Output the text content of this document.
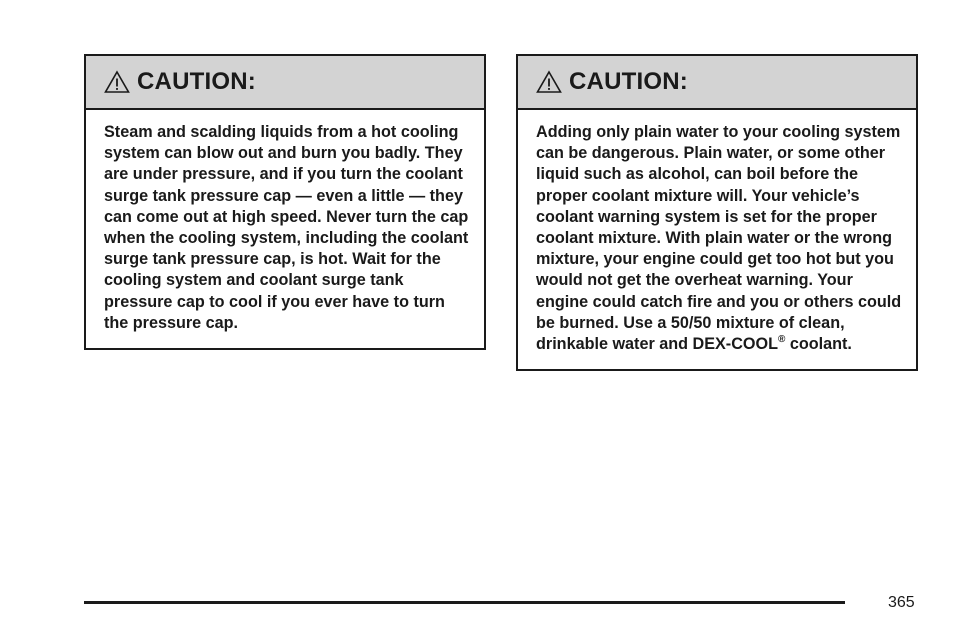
CAUTION:
Steam and scalding liquids from a hot cooling system can blow out and burn you badly. They are under pressure, and if you turn the coolant surge tank pressure cap — even a little — they can come out at high speed. Never turn the cap when the cooling system, including the coolant surge tank pressure cap, is hot. Wait for the cooling system and coolant surge tank pressure cap to cool if you ever have to turn the pressure cap.
CAUTION:
Adding only plain water to your cooling system can be dangerous. Plain water, or some other liquid such as alcohol, can boil before the proper coolant mixture will. Your vehicle’s coolant warning system is set for the proper coolant mixture. With plain water or the wrong mixture, your engine could get too hot but you would not get the overheat warning. Your engine could catch fire and you or others could be burned. Use a 50/50 mixture of clean, drinkable water and DEX-COOL® coolant.
365
